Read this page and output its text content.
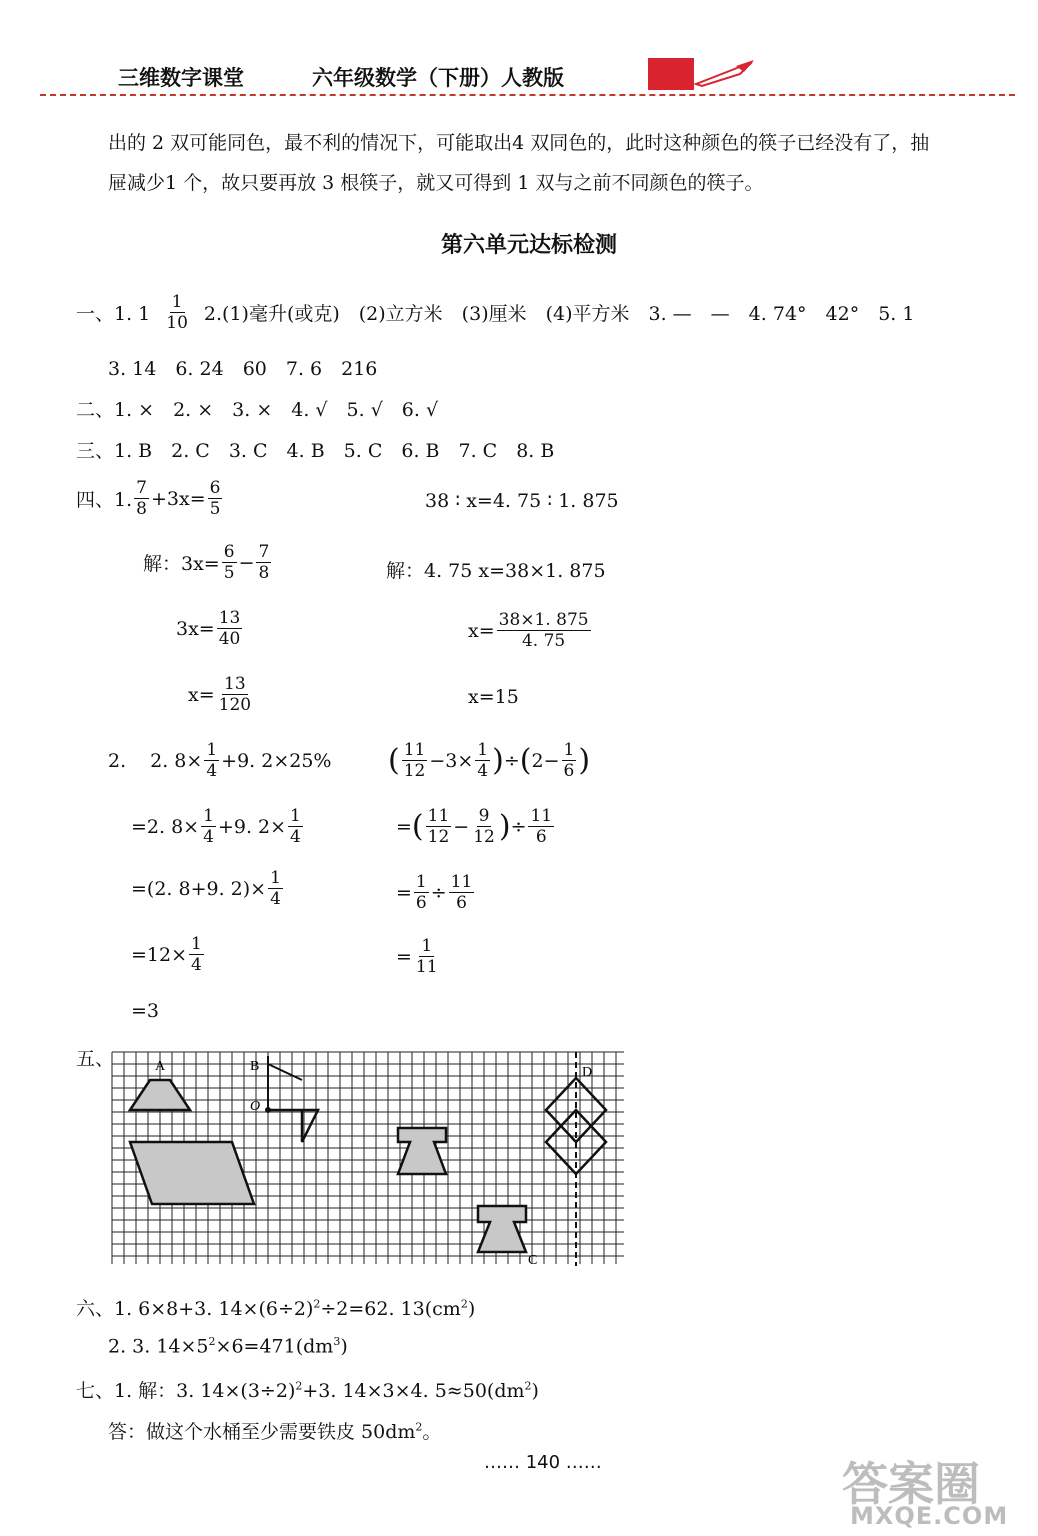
三维数字课堂	六年级数学（下册）人教版
出的 2 双可能同色，最不利的情况下，可能取出4 双同色的，此时这种颜色的筷子已经没有了，抽
屉减少1 个，故只要再放 3 根筷子，就又可得到 1 双与之前不同颜色的筷子。
第六单元达标检测
一、1. $1 \frac{1}{10} 2.(1)$毫升(或克)　(2)立方米　(3)厘米　(4)平方米　3. —　—　4. 74°　42°　5. 1
3. 14　6. 24　60　7. 6　216
二、1. ×　2. ×　3. ×　4. √　5. √　6. √
三、1. B　2. C　3. C　4. B　5. C　6. B　7. C　8. B
四、1. $\frac{7}{8} +3x= \frac{6}{5}$
解：$3x= \frac{6}{5} - \frac{7}{8}$
$3x= \frac{13}{40}$
$x= \frac{13}{120}$
38 ∶ x=4. 75 ∶ 1. 875
解：4. 75 x=38×1. 875
$x= \frac{38\times 1. 875}{4. 75}$
x=15
2. 2. $8\times \frac{1}{4} +9$. 2×25%
=2. $8\times \frac{1}{4} +9$. $2\times \frac{1}{4}$
=(2. 8+9. $2)\times \frac{1}{4}$
$=12\times \frac{1}{4}$
=3
( $\frac{11}{12} -3\times \frac{1}{4}$ ) ÷ ( $2- \frac{1}{6}$ )
= ( $\frac{11}{12} - \frac{9}{12}$ ) ÷ $\frac{11}{6}$
= $\frac{1}{6} \div \frac{11}{6}$
= $\frac{1}{11}$
五、	A	B
O
C
D
六、1. 6×8+3. $14\times(6\div 2)^2\div 2=62$. $13(cm^2)$
2. 3. $14\times 5^2\times 6=471(dm^3)$
七、1. 解：3. $14\times(3\div 2)^2+3$. 14×3×4. $5\approx 50(dm^2)$
答：做这个水桶至少需要铁皮 $50dm^2$。
…… 140 ……	答案圈
MXQE.COM
